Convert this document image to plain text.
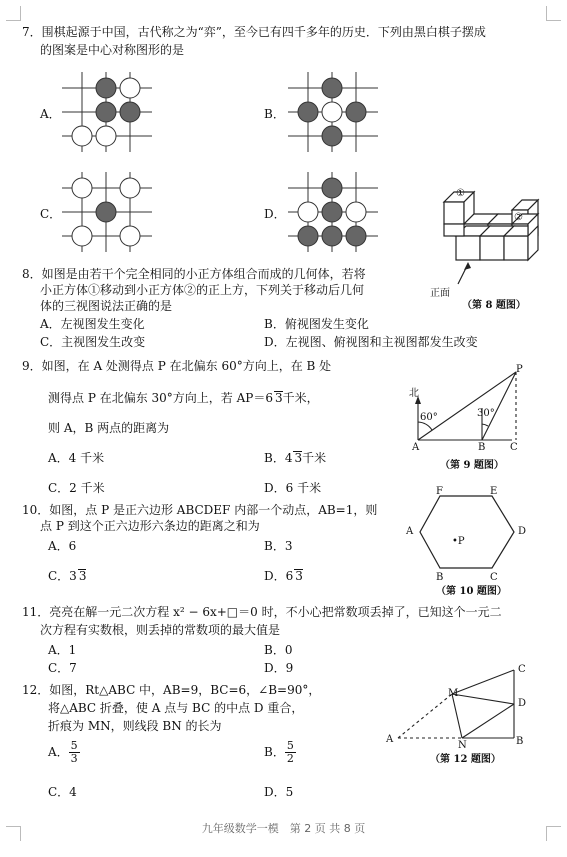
7．围棋起源于中国，古代称之为“弈”，至今已有四千多年的历史．下列由黑白棋子摆成
的图案是中心对称图形的是
A．	B．
C．	D．
①
②
正面
（第 8 题图）
8．如图是由若干个完全相同的小正方体组合而成的几何体，若将
小正方体①移动到小正方体②的正上方，下列关于移动后几何
体的三视图说法正确的是
A．左视图发生变化	B．俯视图发生变化
C．主视图发生改变	D．左视图、俯视图和主视图都发生改变
9．如图，在 A 处测得点 P 在北偏东 60°方向上，在 B 处
测得点 P 在北偏东 30°方向上，若 AP＝6 3千米，
则 A，B 两点的距离为
A．4 千米	B．4 3千米
C．2 千米	D．6 千米
北
60°	30°
P
A	B C
（第 9 题图）
10．如图，点 P 是正六边形 ABCDEF 内部一个动点，AB=1，则
点 P 到这个正六边形六条边的距离之和为
A．6	B．3
C．3 3	D．6 3
F	E
A	D
•P
B	C
（第 10 题图）
11．亮亮在解一元二次方程 x² − 6x+□＝0 时，不小心把常数项丢掉了，已知这个一元二
次方程有实数根，则丢掉的常数项的最大值是
A．1	B．0
C．7	D．9
12．如图，Rt△ABC 中，AB=9，BC=6，∠B=90°，
将△ABC 折叠，使 A 点与 BC 的中点 D 重合，
折痕为 MN，则线段 BN 的长为
A． $\frac{5}{3}$	B． $\frac{5}{2}$
C．4	D．5
M
C
D
A
N	B
（第 12 题图）
九年级数学一模　第 2 页 共 8 页
